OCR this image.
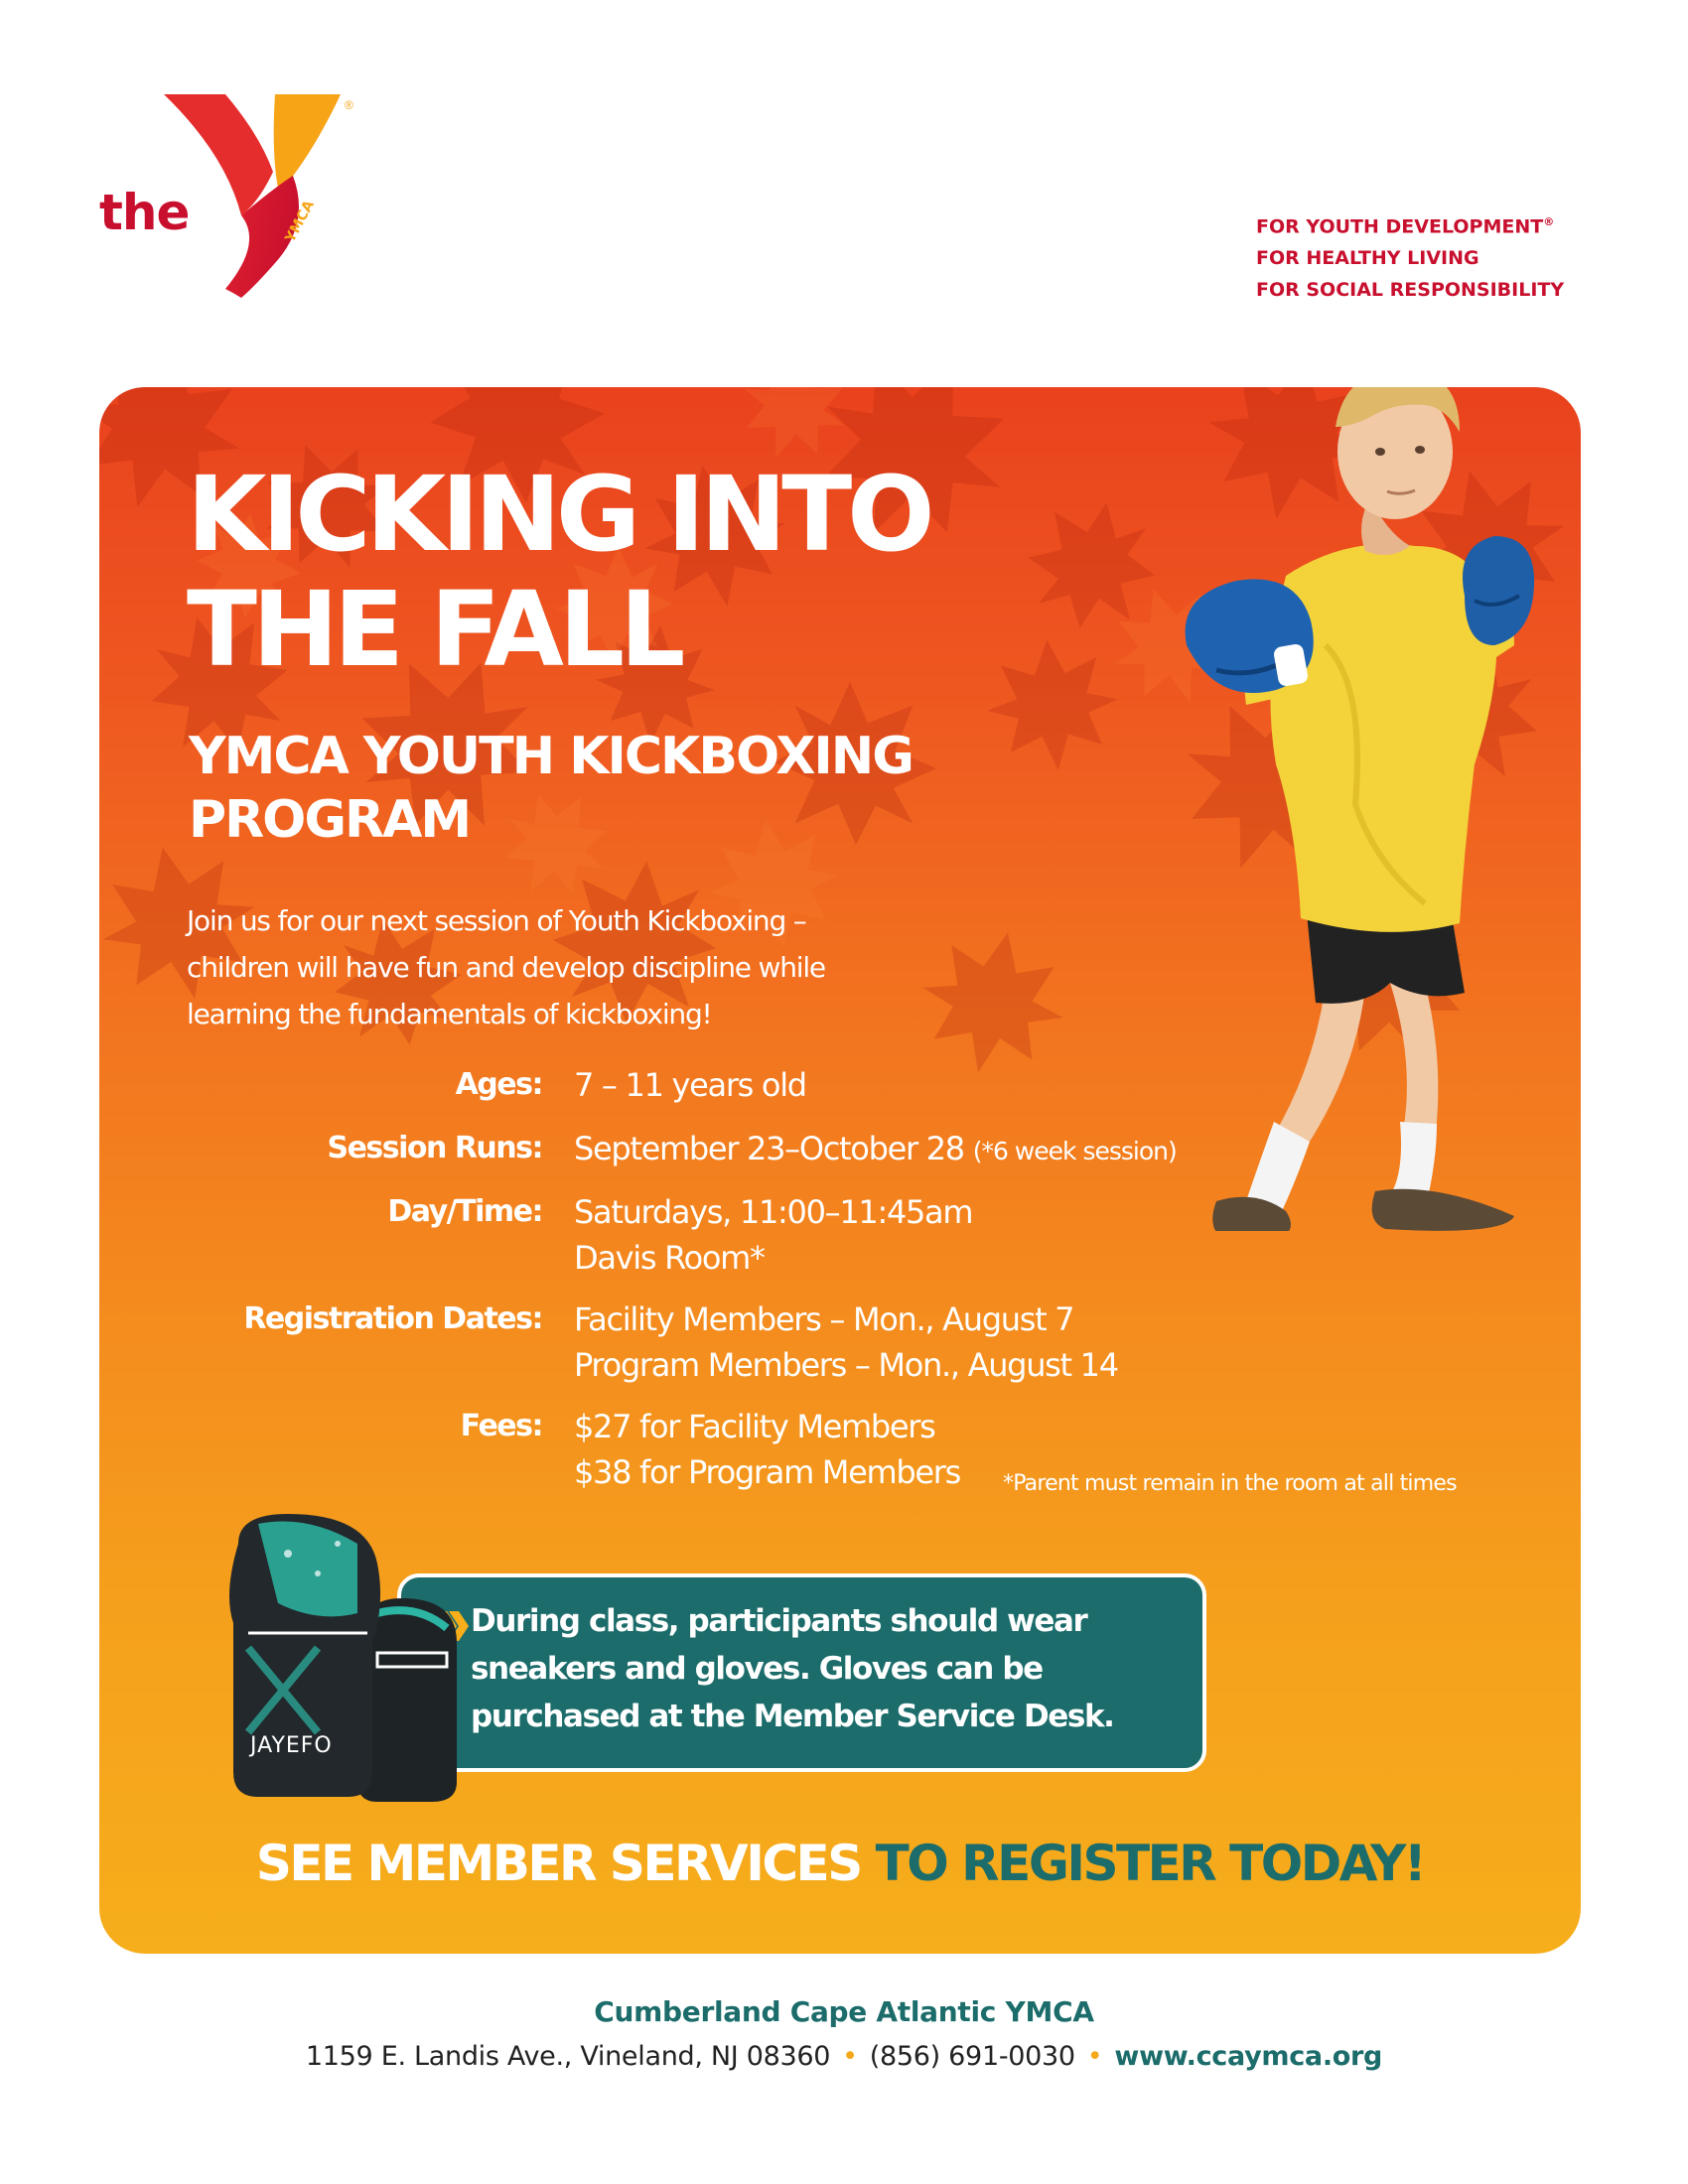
the	YMCA
®
FOR YOUTH DEVELOPMENT®
FOR HEALTHY LIVING
FOR SOCIAL RESPONSIBILITY
KICKING INTO
THE FALL
YMCA YOUTH KICKBOXING
PROGRAM
Join us for our next session of Youth Kickboxing –
children will have fun and develop discipline while
learning the fundamentals of kickboxing!
Ages: 7 – 11 years old
Session Runs: September 23–October 28 (*6 week session)
Day/Time: Saturdays, 11:00–11:45am
Davis Room*
Registration Dates: Facility Members – Mon., August 7
Program Members – Mon., August 14
Fees: $27 for Facility Members
$38 for Program Members *Parent must remain in the room at all times
During class, participants should wear
sneakers and gloves. Gloves can be
purchased at the Member Service Desk.
JAYEFO
SEE MEMBER SERVICES TO REGISTER TODAY!
Cumberland Cape Atlantic YMCA
1159 E. Landis Ave., Vineland, NJ 08360 • (856) 691-0030 • www.ccaymca.org
